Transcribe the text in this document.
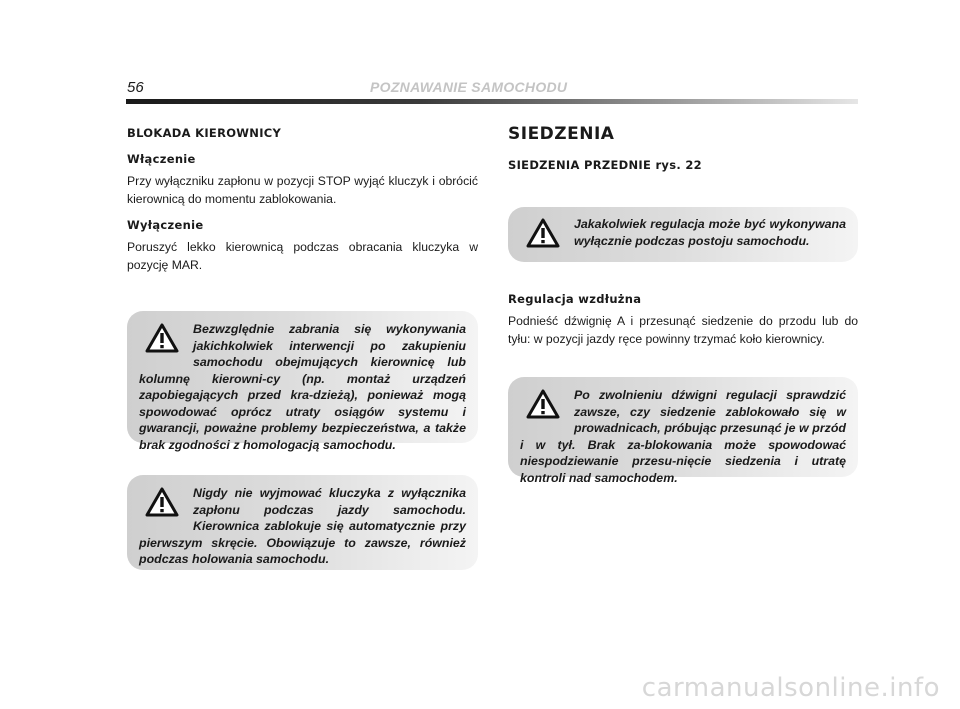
56	POZNAWANIE SAMOCHODU
BLOKADA KIEROWNICY
Włączenie
Przy wyłączniku zapłonu w pozycji STOP wyjąć kluczyk i obrócić kierownicą do momentu zablokowania.
Wyłączenie
Poruszyć lekko kierownicą podczas obracania kluczyka w pozycję MAR.
Bezwzględnie zabrania się wykonywania jakichkolwiek interwencji po zakupieniu samochodu obejmujących kierownicę lub kolumnę kierowni-cy (np. montaż urządzeń zapobiegających przed kra-dzieżą), ponieważ mogą spowodować oprócz utraty osiągów systemu i gwarancji, poważne problemy bezpieczeństwa, a także brak zgodności z homologacją samochodu.
Nigdy nie wyjmować kluczyka z wyłącznika zapłonu podczas jazdy samochodu. Kierownica zablokuje się automatycznie przy pierwszym skręcie. Obowiązuje to zawsze, również podczas holowania samochodu.
SIEDZENIA
SIEDZENIA PRZEDNIE rys. 22
Jakakolwiek regulacja może być wykonywana wyłącznie podczas postoju samochodu.
Regulacja wzdłużna
Podnieść dźwignię A i przesunąć siedzenie do przodu lub do tyłu: w pozycji jazdy ręce powinny trzymać koło kierownicy.
Po zwolnieniu dźwigni regulacji sprawdzić zawsze, czy siedzenie zablokowało się w prowadnicach, próbując przesunąć je w przód i w tył. Brak za-blokowania może spowodować niespodziewanie przesu-nięcie siedzenia i utratę kontroli nad samochodem.
carmanualsonline.info
